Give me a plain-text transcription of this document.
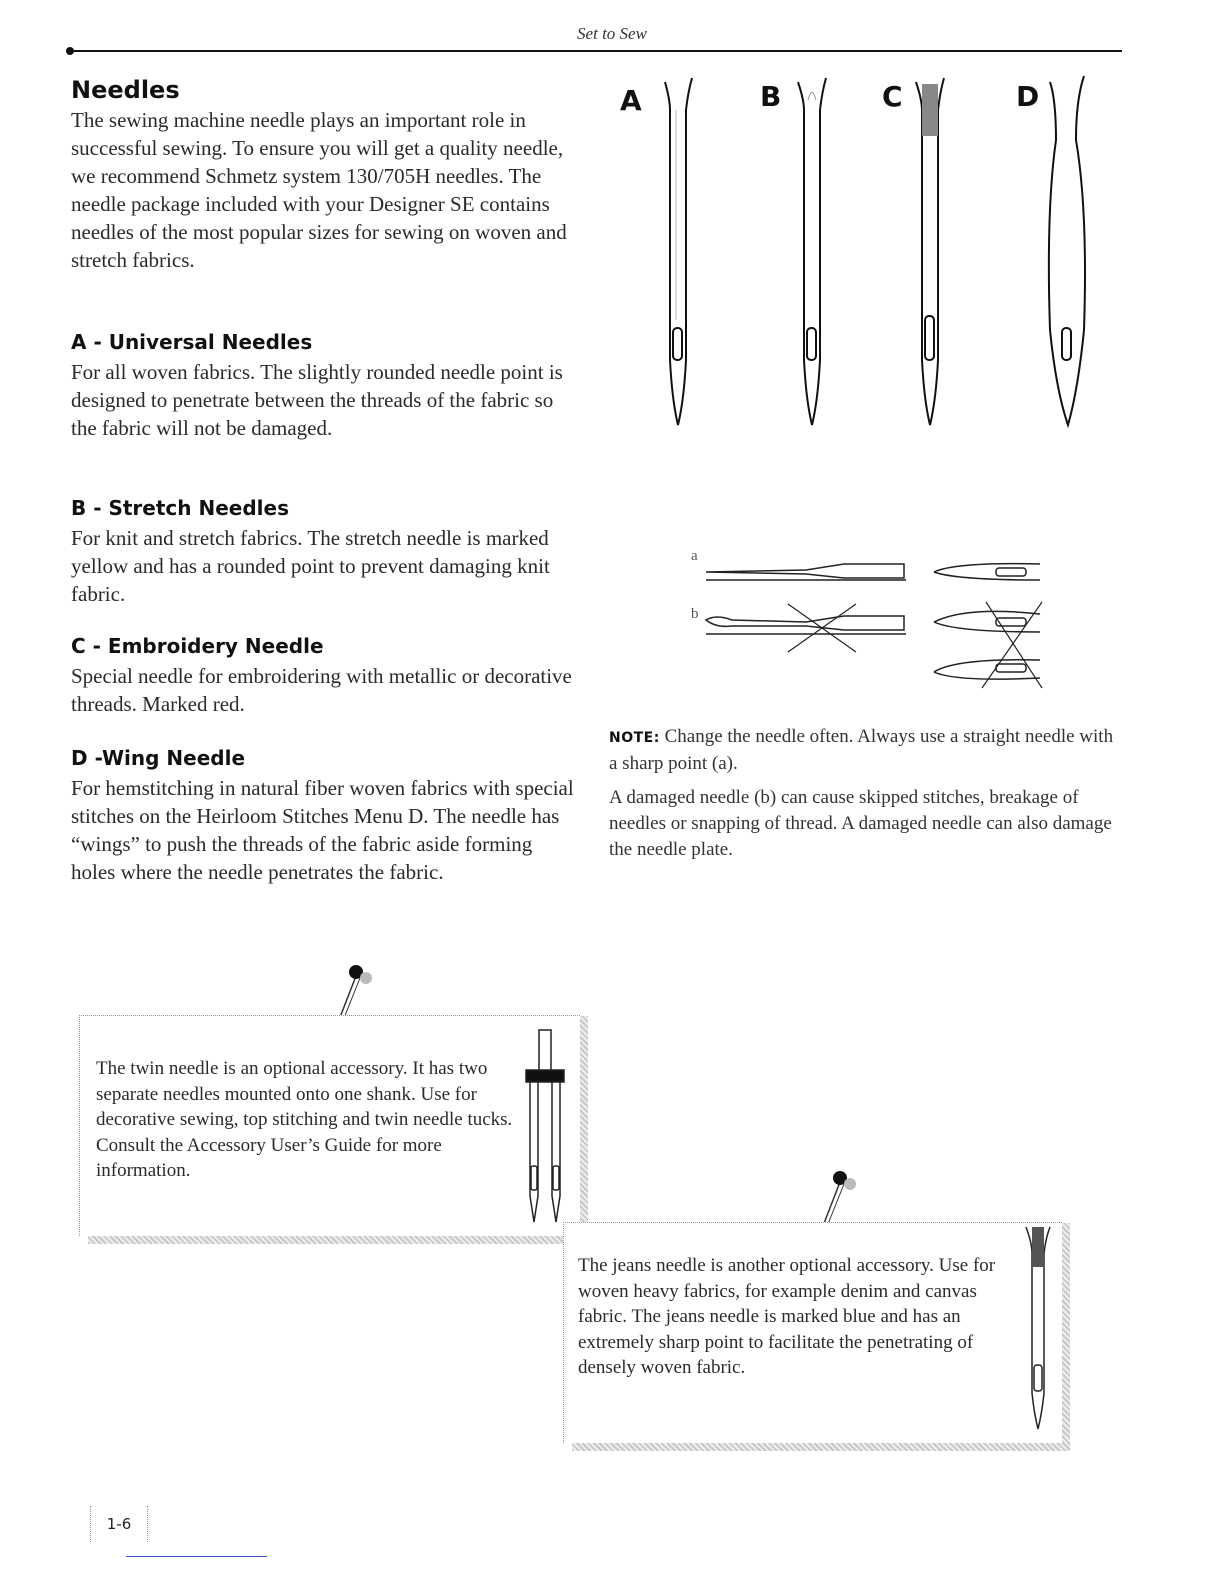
Set to Sew
Needles

The sewing machine needle plays an important role in successful sewing. To ensure you will get a quality needle, we recommend Schmetz system 130/705H needles. The needle package included with your Designer SE contains needles of the most popular sizes for sewing on woven and stretch fabrics.

A - Universal Needles

For all woven fabrics. The slightly rounded needle point is designed to penetrate between the threads of the fabric so the fabric will not be damaged.

B - Stretch Needles

For knit and stretch fabrics. The stretch needle is marked yellow and has a rounded point to prevent damaging knit fabric.

C - Embroidery Needle

Special needle for embroidering with metallic or decorative threads. Marked red.

D -Wing Needle

For hemstitching in natural fiber woven fabrics with special stitches on the Heirloom Stitches Menu D. The needle has “wings” to push the threads of the fabric aside forming holes where the needle penetrates the fabric.

A	B	C	D
a
b

NOTE: Change the needle often. Always use a straight needle with a sharp point (a).

A damaged needle (b) can cause skipped stitches, breakage of needles or snapping of thread. A damaged needle can also damage the needle plate.

The twin needle is an optional accessory. It has two separate needles mounted onto one shank. Use for decorative sewing, top stitching and twin needle tucks. Consult the Accessory User’s Guide for more information.

The jeans needle is another optional accessory. Use for woven heavy fabrics, for example denim and canvas fabric. The jeans needle is marked blue and has an extremely sharp point to facilitate the penetrating of densely woven fabric.

1-6
